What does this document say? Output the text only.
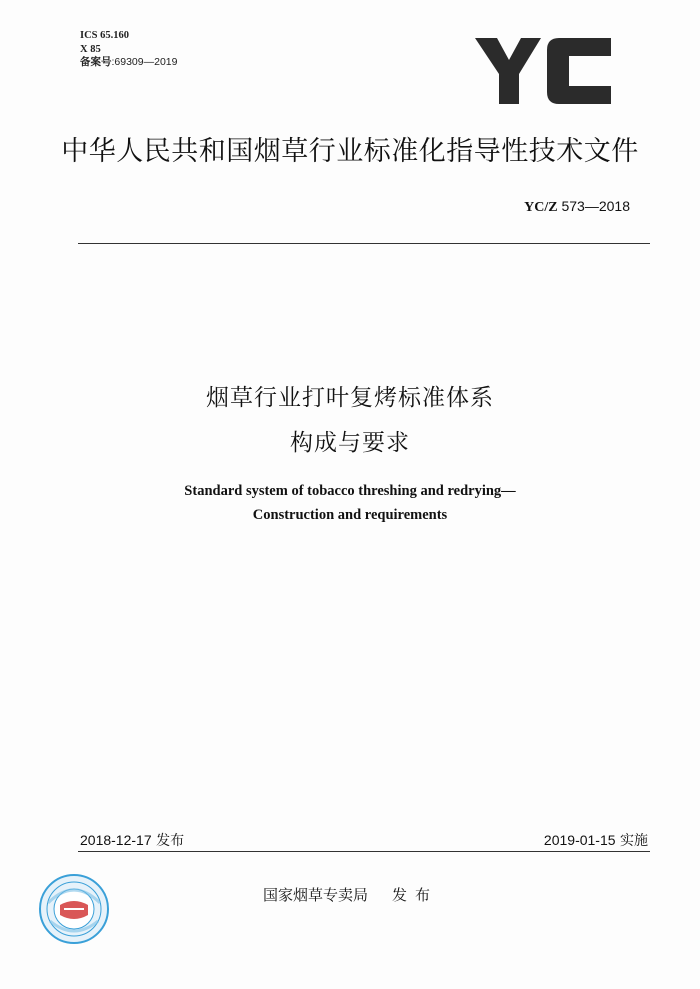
ICS 65.160
X 85
备案号:69309—2019
中华人民共和国烟草行业标准化指导性技术文件
YC/Z 573—2018
烟草行业打叶复烤标准体系
构成与要求
Standard system of tobacco threshing and redrying—
Construction and requirements
2018-12-17 发布	2019-01-15 实施
国家烟草专卖局 发布
